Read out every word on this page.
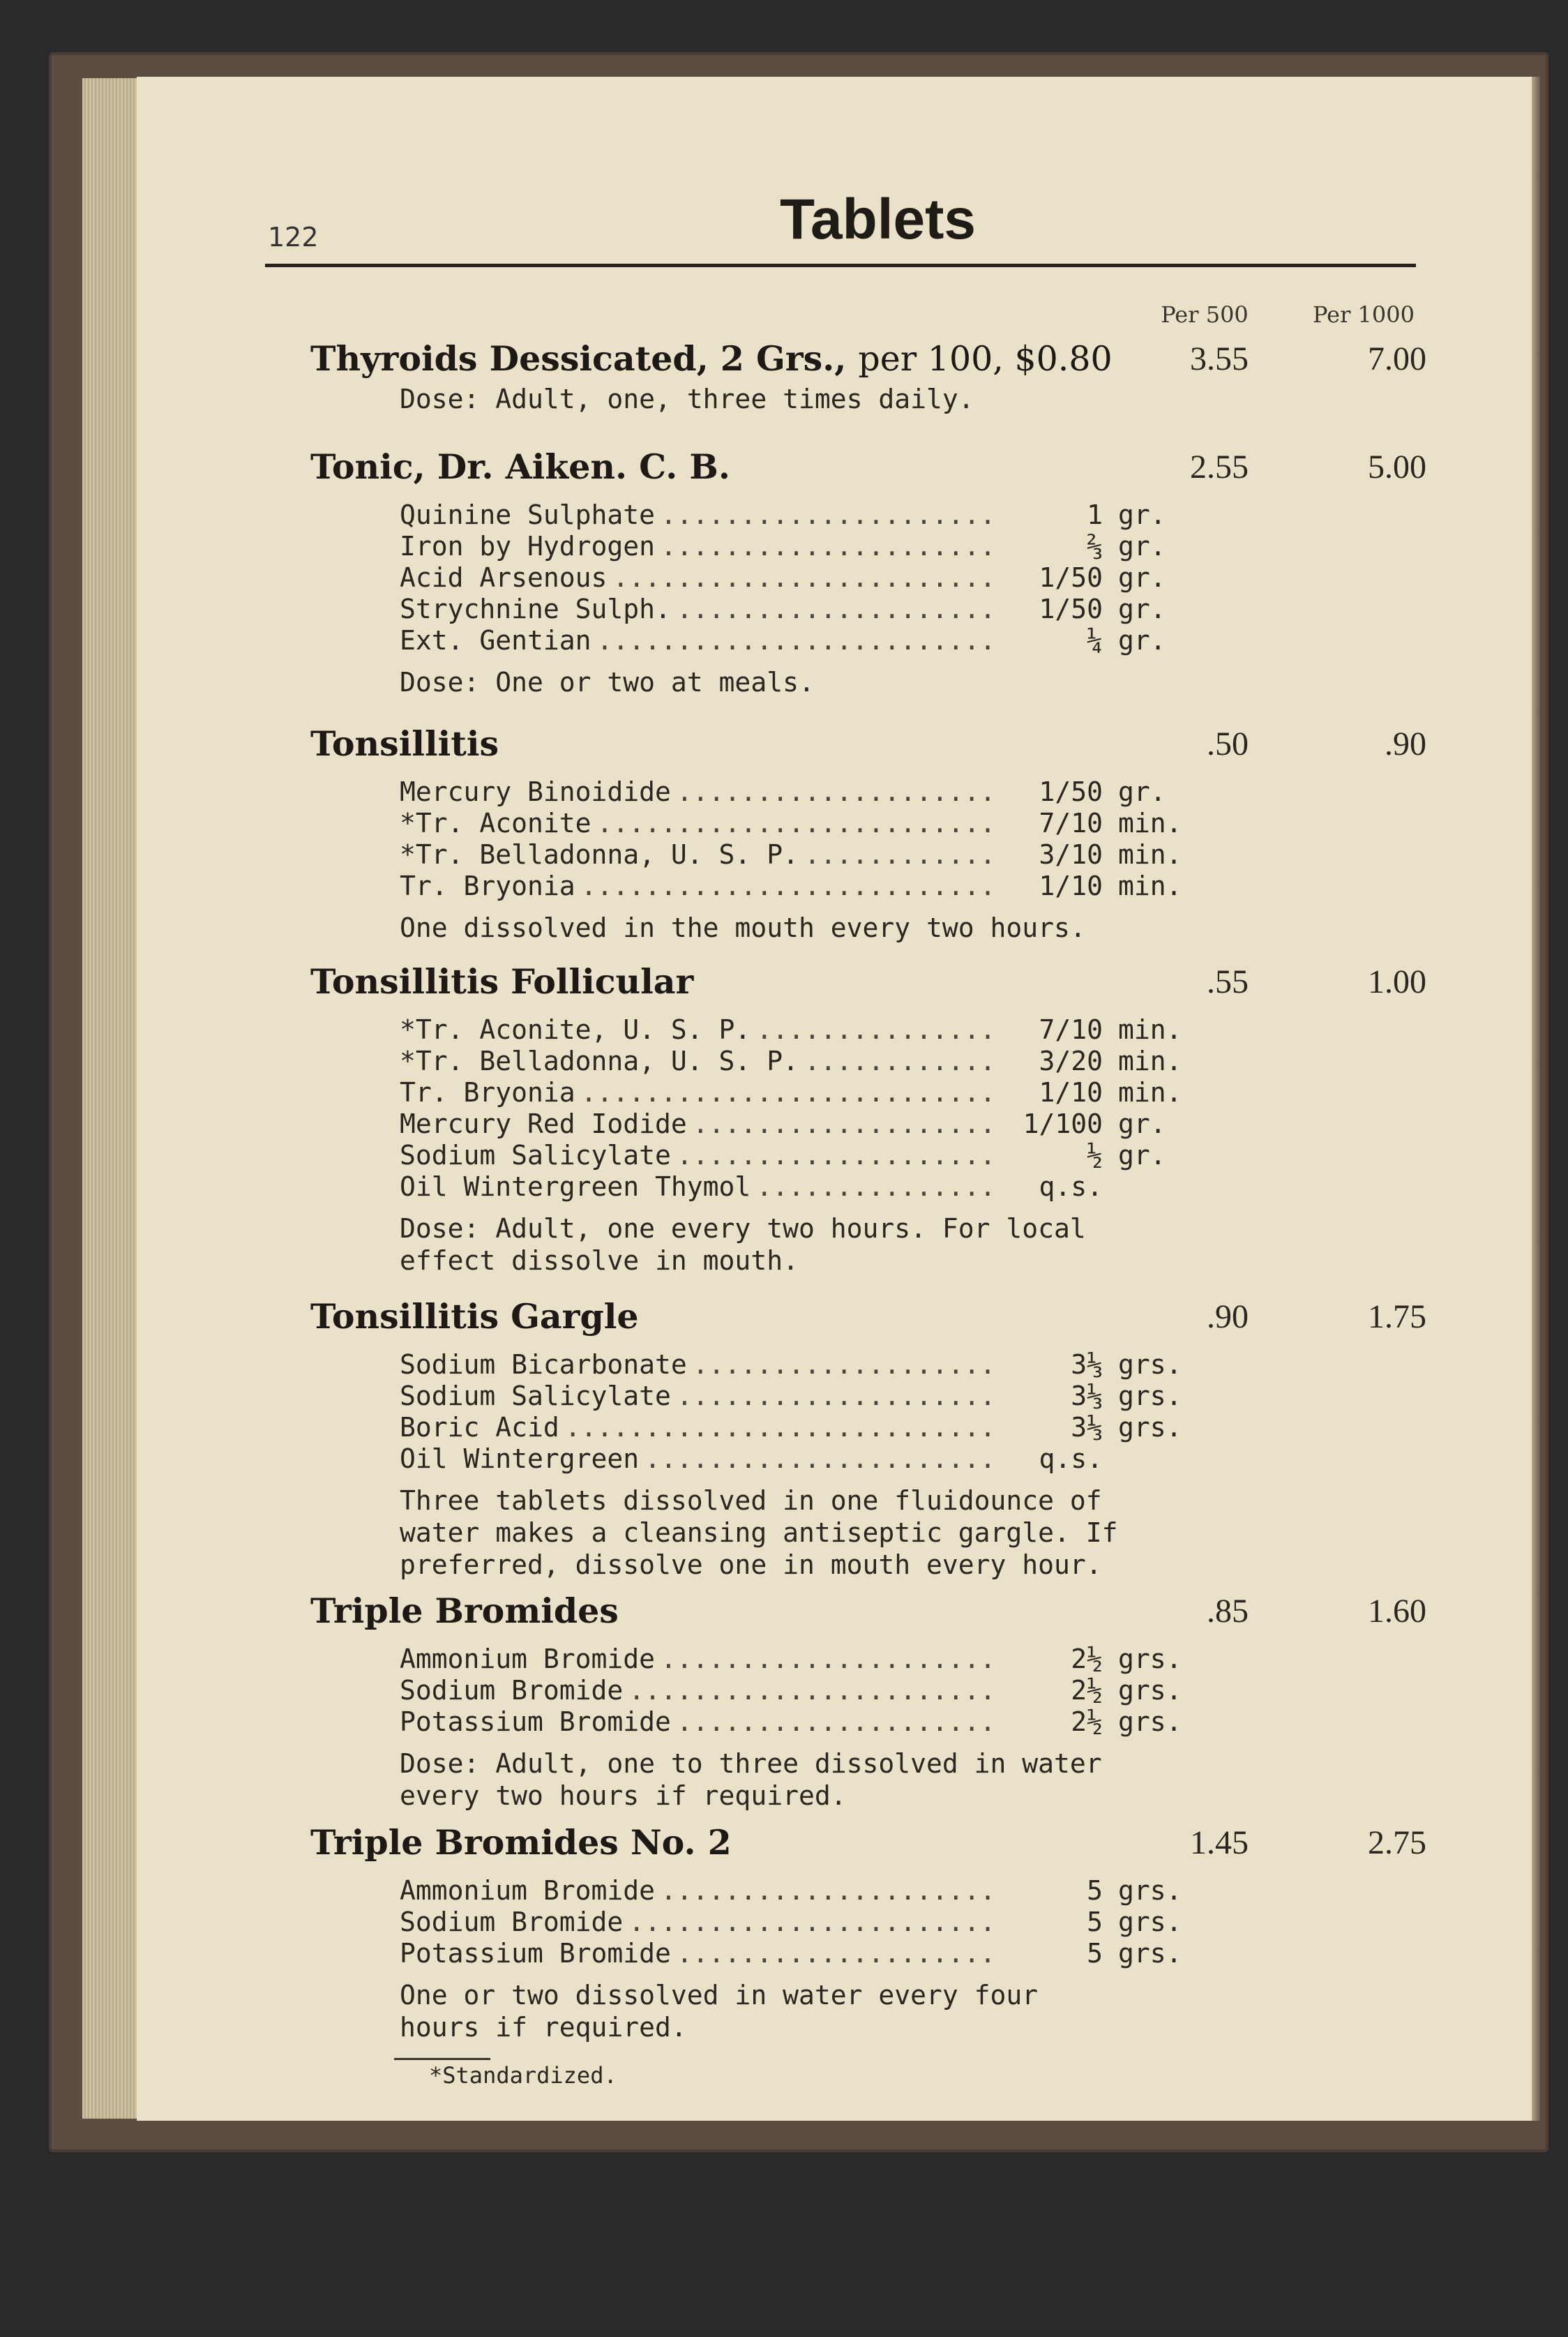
122	Tablets
Per 500	Per 1000
Thyroids Dessicated, 2 Grs., per 100, $0.80	3.55	7.00
Dose: Adult, one, three times daily.
Tonic, Dr. Aiken. C. B.	2.55	5.00
Quinine Sulphate .....	1 gr.
Iron by Hydrogen .....	⅔ gr.
Acid Arsenous .....	1/50 gr.
Strychnine Sulph. .....	1/50 gr.
Ext. Gentian .....	¼ gr.
Dose: One or two at meals.
Tonsillitis	.50	.90
Mercury Binoidide .....	1/50 gr.
*Tr. Aconite .....	7/10 min.
*Tr. Belladonna, U. S. P. .....	3/10 min.
Tr. Bryonia .....	1/10 min.
One dissolved in the mouth every two hours.
Tonsillitis Follicular	.55	1.00
*Tr. Aconite, U. S. P. .....	7/10 min.
*Tr. Belladonna, U. S. P. .....	3/20 min.
Tr. Bryonia .....	1/10 min.
Mercury Red Iodide .....	1/100 gr.
Sodium Salicylate .....	½ gr.
Oil Wintergreen Thymol .....	q.s.
Dose: Adult, one every two hours. For local effect dissolve in mouth.
Tonsillitis Gargle	.90	1.75
Sodium Bicarbonate .....	3⅓ grs.
Sodium Salicylate .....	3⅓ grs.
Boric Acid .....	3⅓ grs.
Oil Wintergreen .....	q.s.
Three tablets dissolved in one fluidounce of water makes a cleansing antiseptic gargle. If preferred, dissolve one in mouth every hour.
Triple Bromides	.85	1.60
Ammonium Bromide .....	2½ grs.
Sodium Bromide .....	2½ grs.
Potassium Bromide .....	2½ grs.
Dose: Adult, one to three dissolved in water every two hours if required.
Triple Bromides No. 2	1.45	2.75
Ammonium Bromide .....	5 grs.
Sodium Bromide .....	5 grs.
Potassium Bromide .....	5 grs.
One or two dissolved in water every four hours if required.
*Standardized.
